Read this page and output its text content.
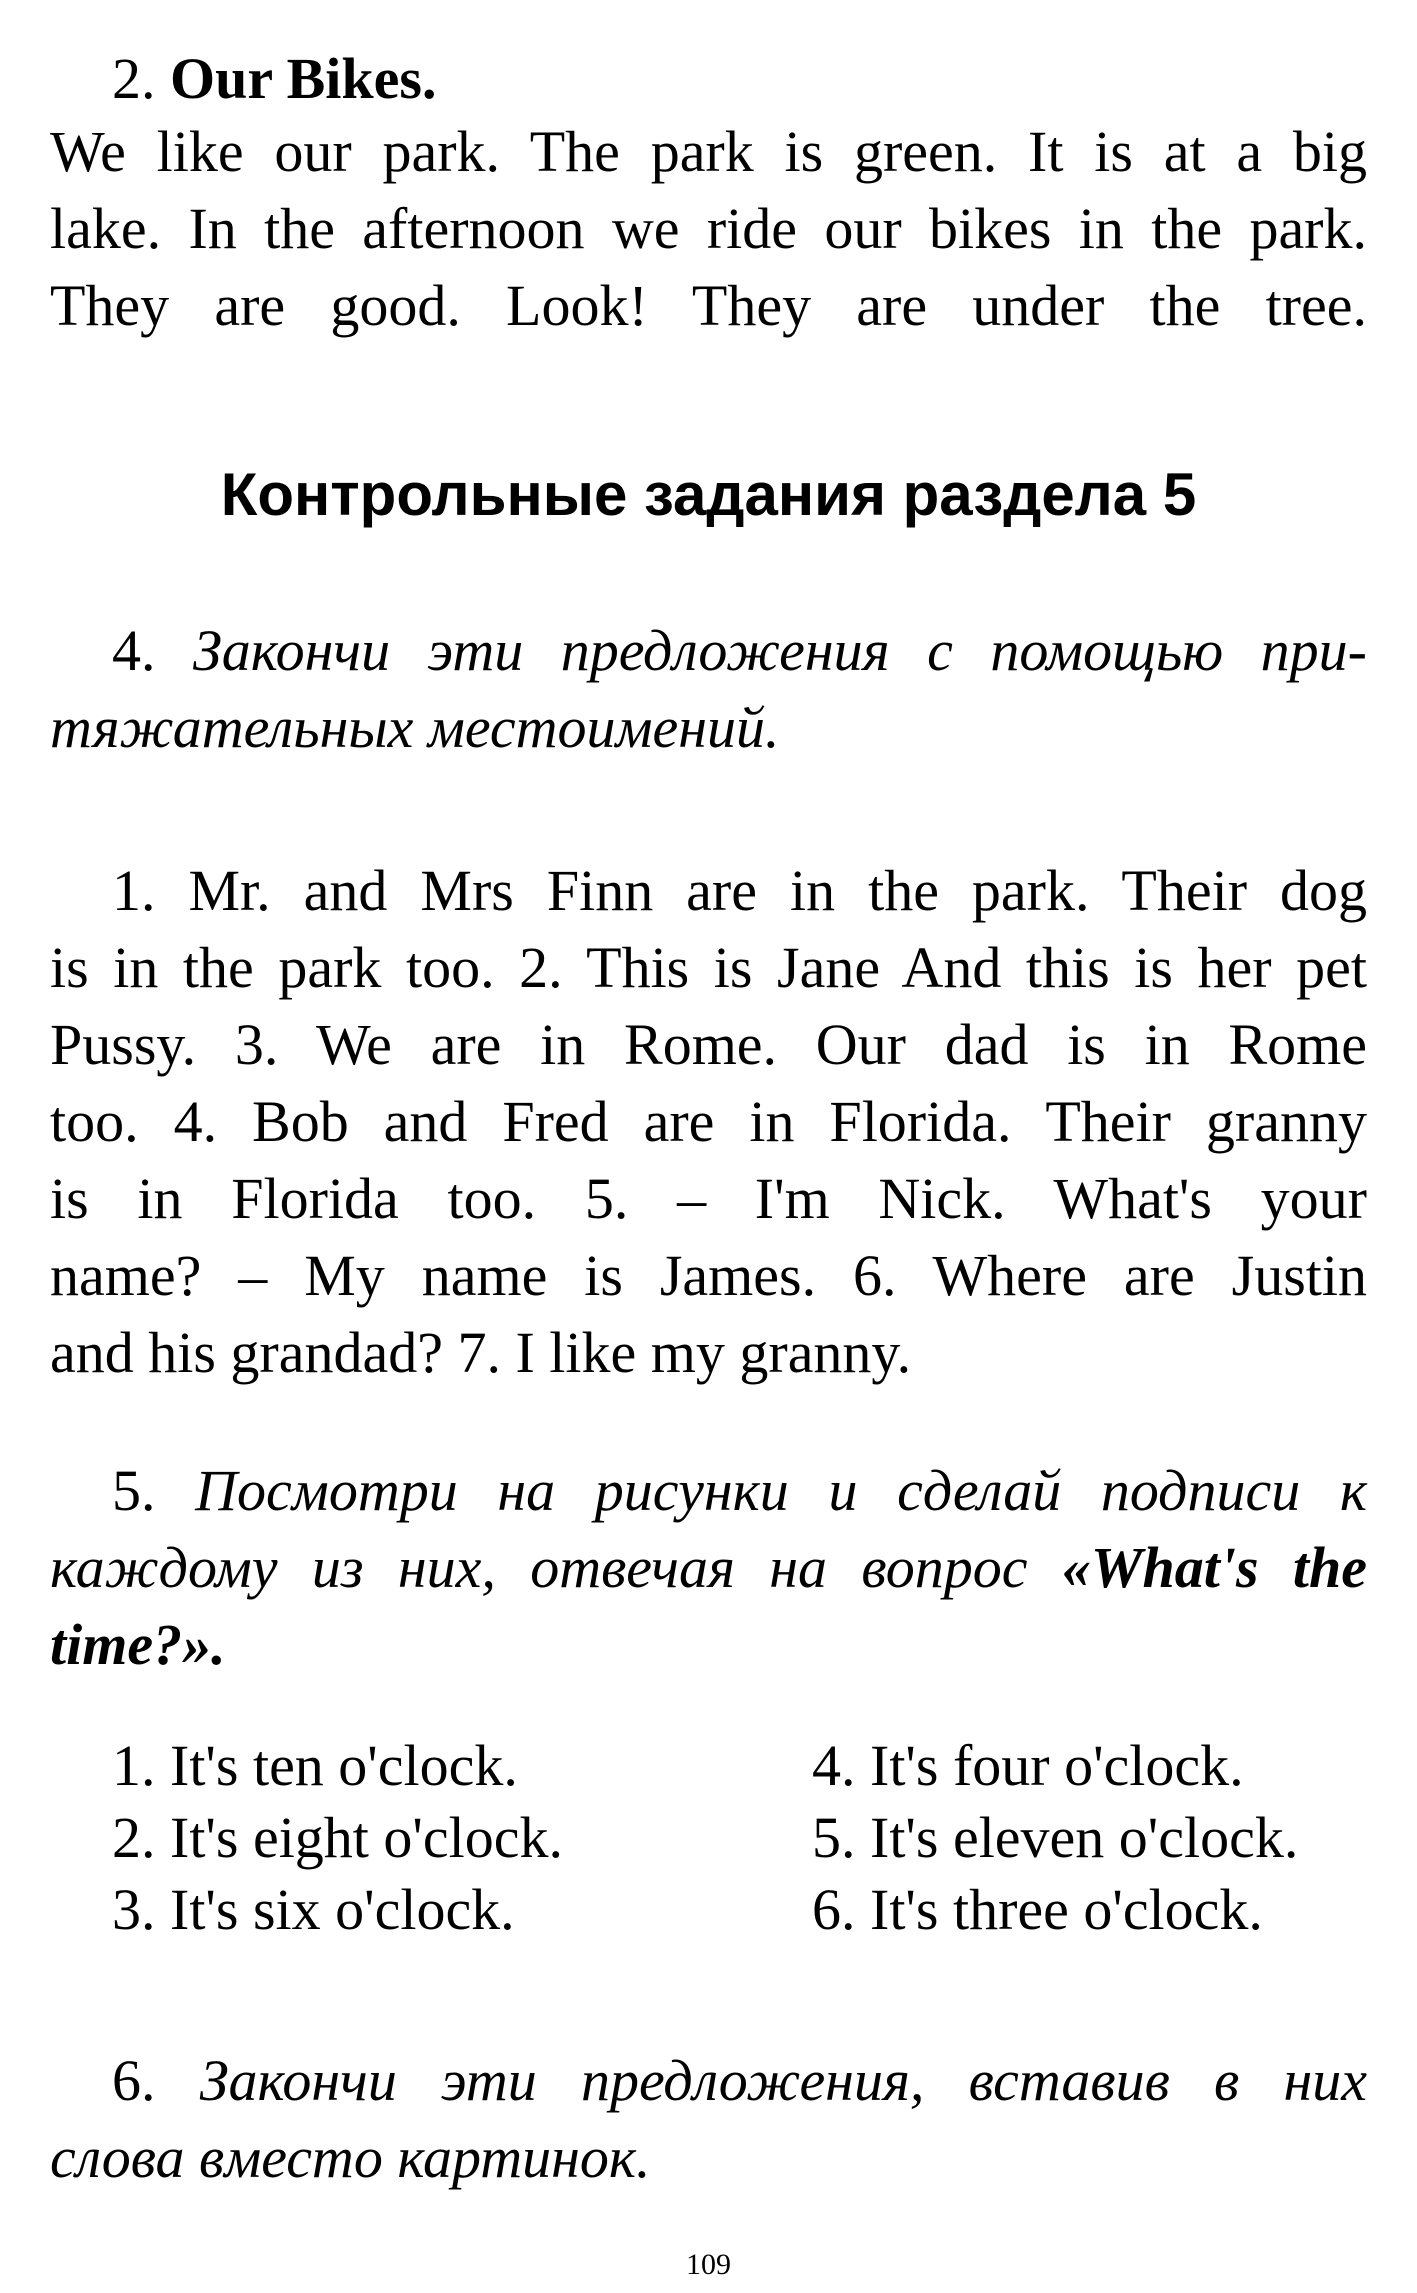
2. Our Bikes.
We like our park. The park is green. It is at a big
lake. In the afternoon we ride our bikes in the park.
They are good. Look! They are under the tree.
Контрольные задания раздела 5
4. Закончи эти предложения с помощью при-
тяжательных местоимений.
1. Mr. and Mrs Finn are in the park. Their dog
is in the park too. 2. This is Jane And this is her pet
Pussy. 3. We are in Rome. Our dad is in Rome
too. 4. Bob and Fred are in Florida. Their granny
is in Florida too. 5. – I'm Nick. What's your
name? – My name is James. 6. Where are Justin
and his grandad? 7. I like my granny.
5. Посмотри на рисунки и сделай подписи к
каждому из них, отвечая на вопрос «What's the
time?».
1. It's ten o'clock.
2. It's eight o'clock.
3. It's six o'clock.
4. It's four o'clock.
5. It's eleven o'clock.
6. It's three o'clock.
6. Закончи эти предложения, вставив в них
слова вместо картинок.
109
